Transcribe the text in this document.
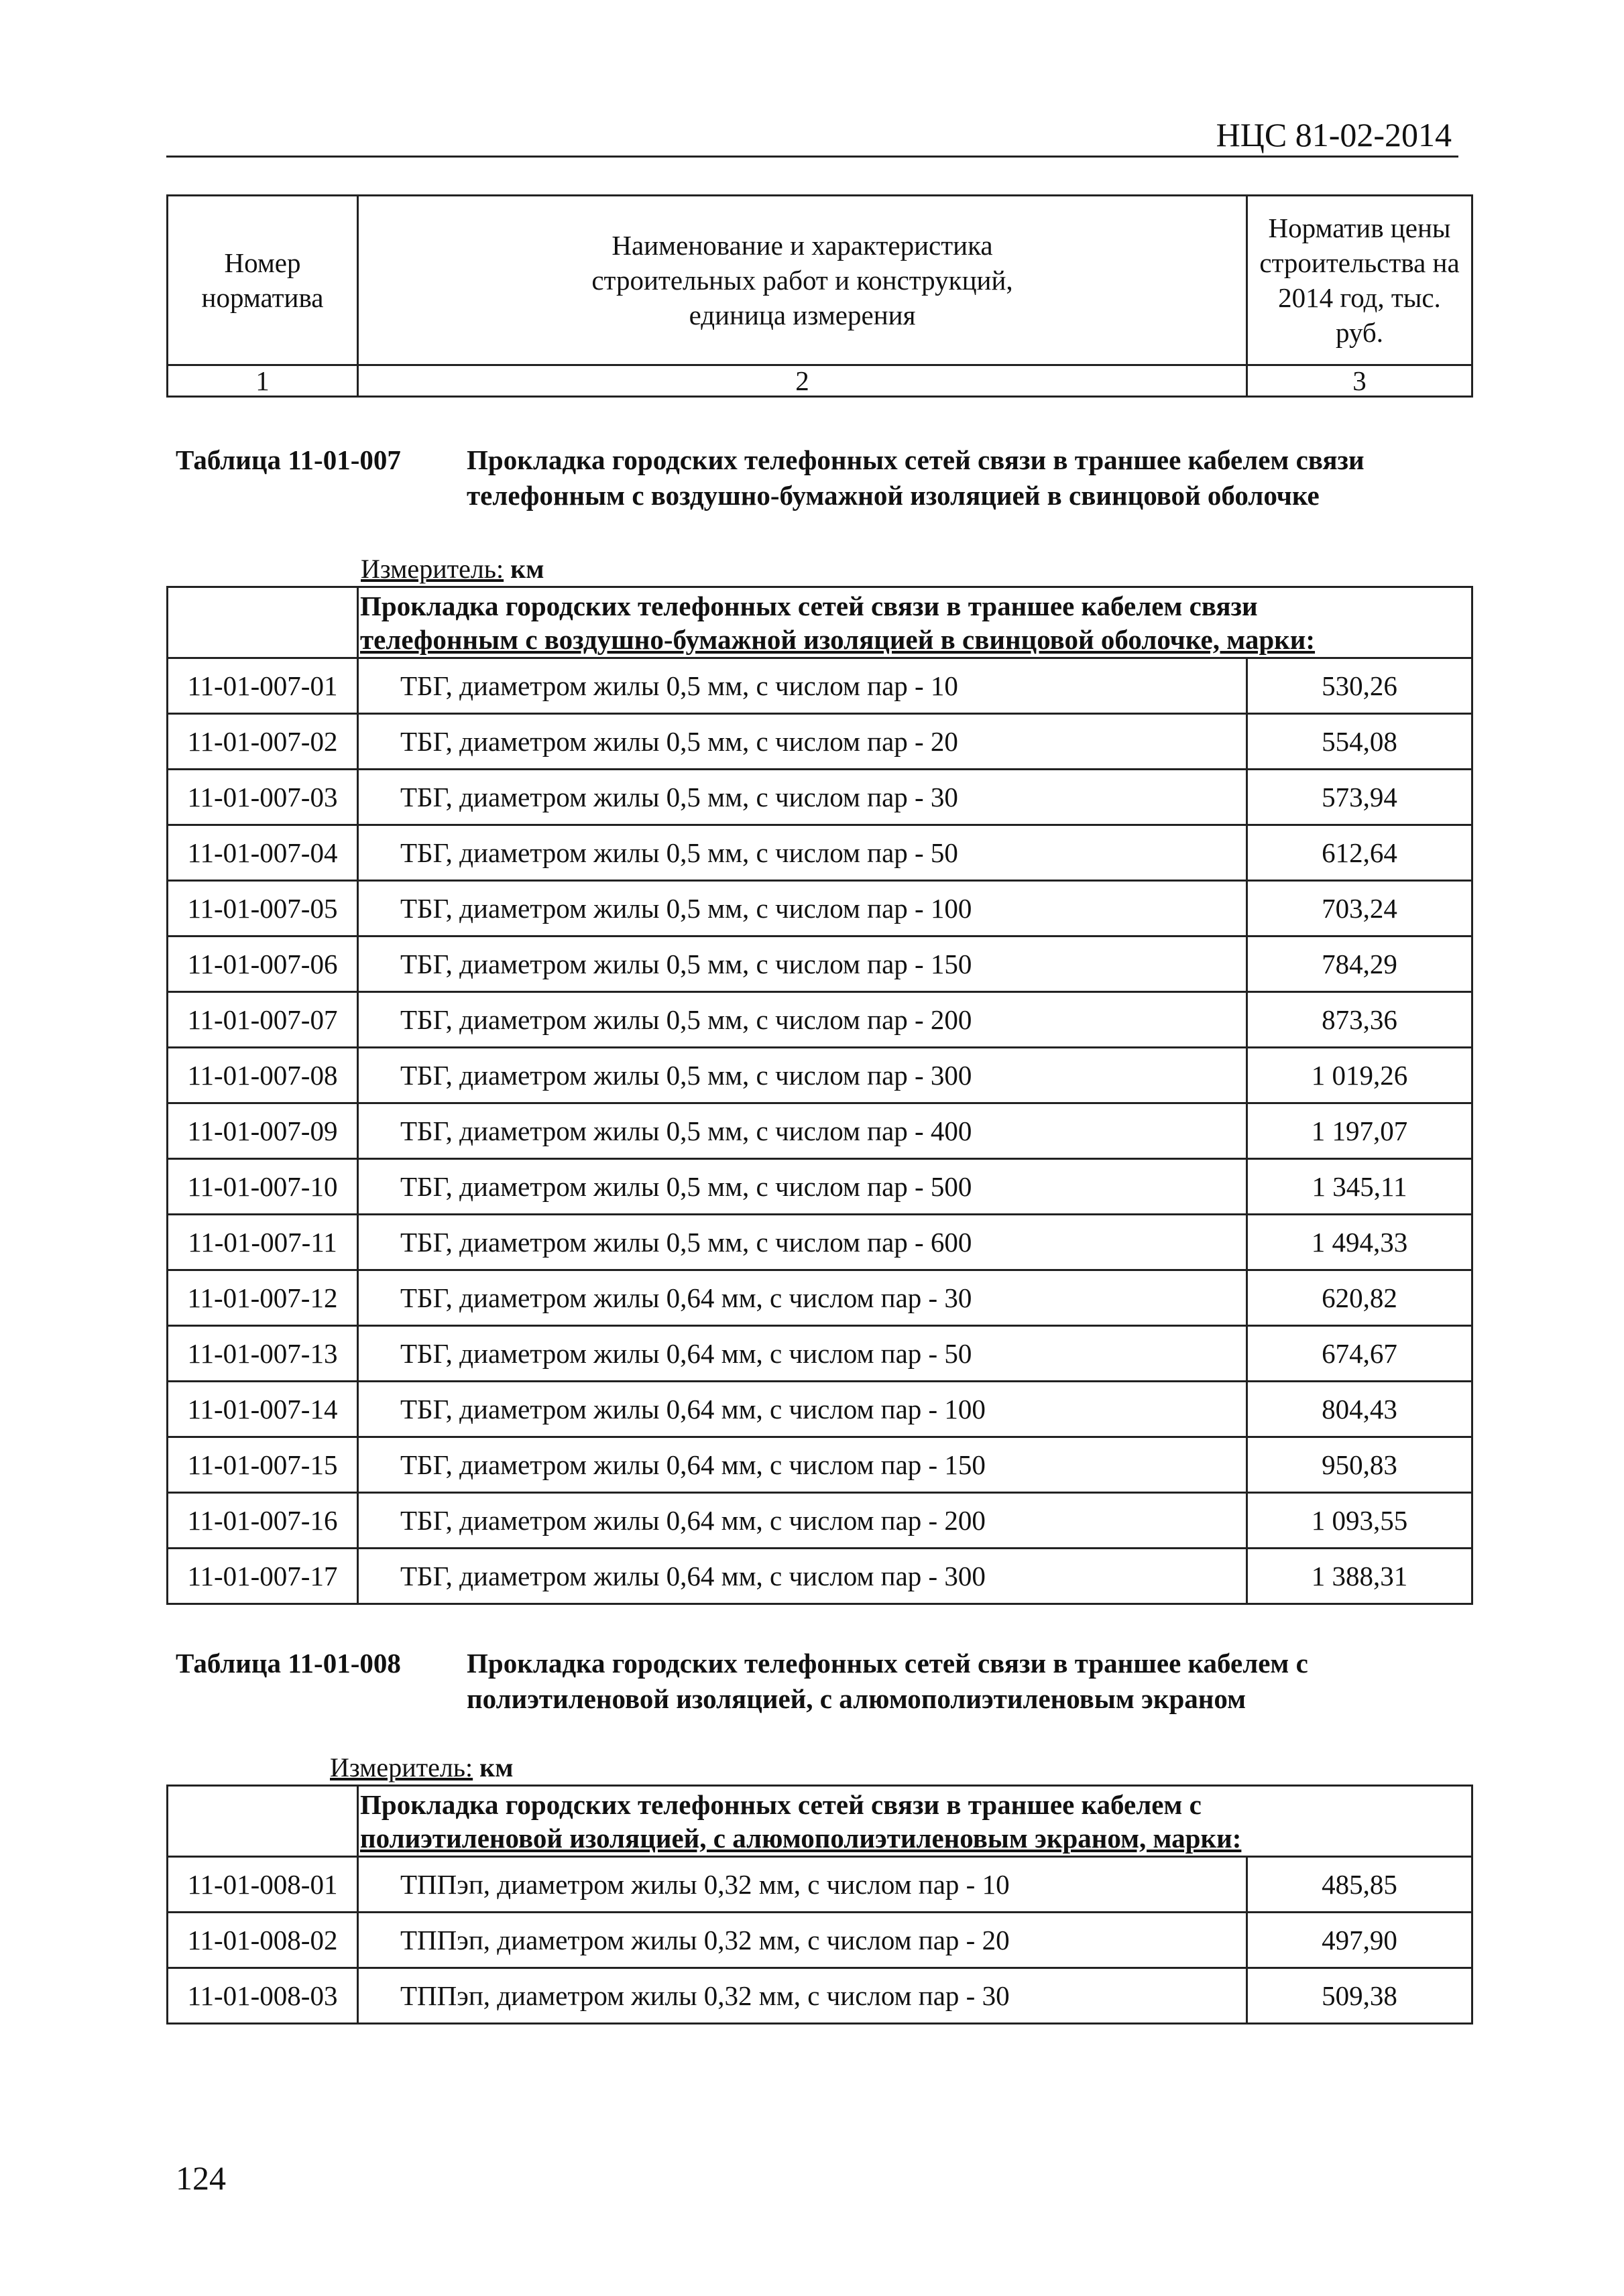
НЦС 81-02-2014
Номер норматива	Наименование и характеристика строительных работ и конструкций, единица измерения	Норматив цены строительства на 2014 год, тыс. руб.
1	2	3
Таблица 11-01-007	Прокладка городских телефонных сетей связи в траншее кабелем связи телефонным с воздушно-бумажной изоляцией в свинцовой оболочке
Измеритель: км

	Прокладка городских телефонных сетей связи в траншее кабелем связи
телефонным с воздушно-бумажной изоляцией в свинцовой оболочке, марки:	

11-01-007-01	ТБГ, диаметром жилы 0,5 мм, с числом пар - 10	530,26
11-01-007-02	ТБГ, диаметром жилы 0,5 мм, с числом пар - 20	554,08
11-01-007-03	ТБГ, диаметром жилы 0,5 мм, с числом пар - 30	573,94
11-01-007-04	ТБГ, диаметром жилы 0,5 мм, с числом пар - 50	612,64
11-01-007-05	ТБГ, диаметром жилы 0,5 мм, с числом пар - 100	703,24
11-01-007-06	ТБГ, диаметром жилы 0,5 мм, с числом пар - 150	784,29
11-01-007-07	ТБГ, диаметром жилы 0,5 мм, с числом пар - 200	873,36
11-01-007-08	ТБГ, диаметром жилы 0,5 мм, с числом пар - 300	1 019,26
11-01-007-09	ТБГ, диаметром жилы 0,5 мм, с числом пар - 400	1 197,07
11-01-007-10	ТБГ, диаметром жилы 0,5 мм, с числом пар - 500	1 345,11
11-01-007-11	ТБГ, диаметром жилы 0,5 мм, с числом пар - 600	1 494,33
11-01-007-12	ТБГ, диаметром жилы 0,64 мм, с числом пар - 30	620,82
11-01-007-13	ТБГ, диаметром жилы 0,64 мм, с числом пар - 50	674,67
11-01-007-14	ТБГ, диаметром жилы 0,64 мм, с числом пар - 100	804,43
11-01-007-15	ТБГ, диаметром жилы 0,64 мм, с числом пар - 150	950,83
11-01-007-16	ТБГ, диаметром жилы 0,64 мм, с числом пар - 200	1 093,55
11-01-007-17	ТБГ, диаметром жилы 0,64 мм, с числом пар - 300	1 388,31
Таблица 11-01-008	Прокладка городских телефонных сетей связи в траншее кабелем с полиэтиленовой изоляцией, с алюмополиэтиленовым экраном
Измеритель: км

	Прокладка городских телефонных сетей связи в траншее кабелем с
полиэтиленовой изоляцией, с алюмополиэтиленовым экраном, марки:	

11-01-008-01	ТППэп, диаметром жилы 0,32 мм, с числом пар - 10	485,85
11-01-008-02	ТППэп, диаметром жилы 0,32 мм, с числом пар - 20	497,90
11-01-008-03	ТППэп, диаметром жилы 0,32 мм, с числом пар - 30	509,38
124
